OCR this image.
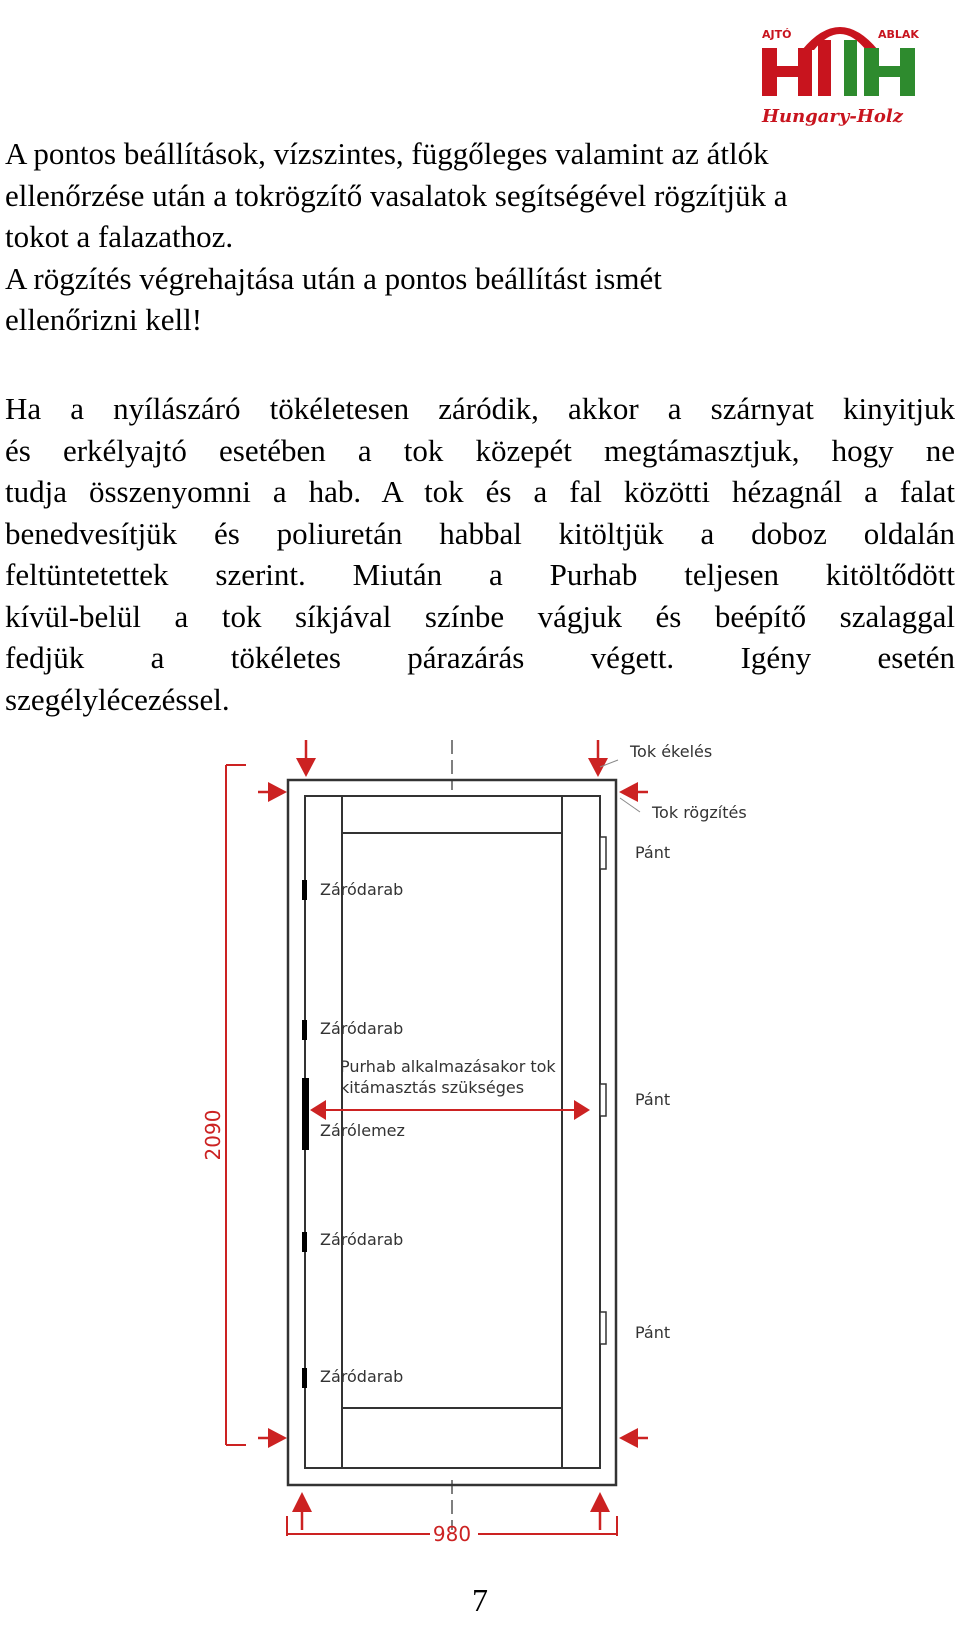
AJTÓ	ABLAK
Hungary-Holz

A pontos beállítások, vízszintes, függőleges valamint az átlók
ellenőrzése után a tokrögzítő vasalatok segítségével rögzítjük a
tokot a falazathoz.
A rögzítés végrehajtása után a pontos beállítást ismét
ellenőrizni kell!

Ha a nyílászáró tökéletesen záródik, akkor a szárnyat kinyitjuk
és erkélyajtó esetében a tok közepét megtámasztjuk, hogy ne
tudja összenyomni a hab. A tok és a fal közötti hézagnál a falat
benedvesítjük és poliuretán habbal kitöltjük a doboz oldalán
feltüntetettek szerint. Miután a Purhab teljesen kitöltődött
kívül-belül a tok síkjával színbe vágjuk és beépítő szalaggal
fedjük a tökéletes párazárás végett. Igény esetén
szegélylécezéssel.

2090
980
Tok ékelés
Tok rögzítés
Pánt
Pánt
Pánt
Záródarab
Záródarab
Purhab alkalmazásakor tok
kitámasztás szükséges
Zárólemez
Záródarab
Záródarab
7
